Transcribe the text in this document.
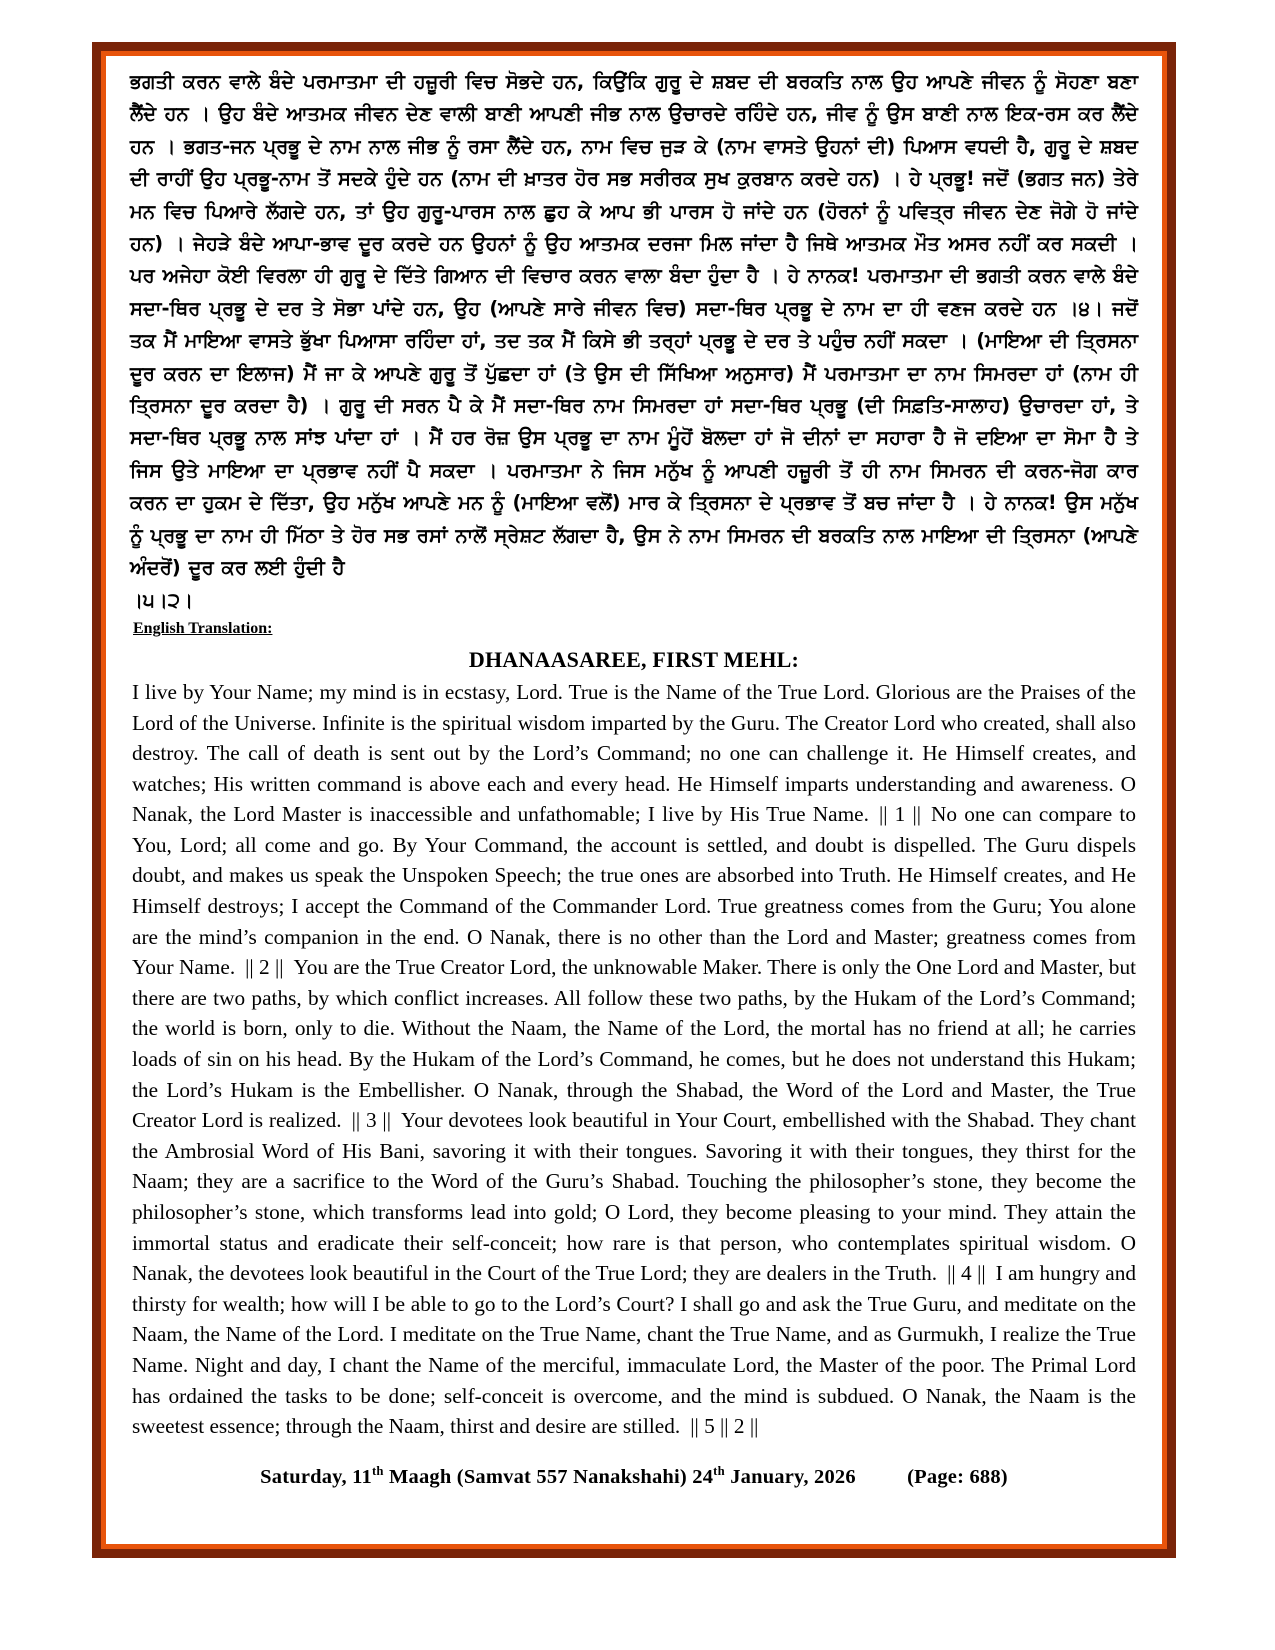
ਭਗਤੀ ਕਰਨ ਵਾਲੇ ਬੰਦੇ ਪਰਮਾਤਮਾ ਦੀ ਹਜ਼ੂਰੀ ਵਿਚ ਸੋਭਦੇ ਹਨ, ਕਿਉਂਕਿ ਗੁਰੂ ਦੇ ਸ਼ਬਦ ਦੀ ਬਰਕਤਿ ਨਾਲ ਉਹ ਆਪਣੇ ਜੀਵਨ ਨੂੰ ਸੋਹਣਾ ਬਣਾ ਲੈਂਦੇ ਹਨ । ਉਹ ਬੰਦੇ ਆਤਮਕ ਜੀਵਨ ਦੇਣ ਵਾਲੀ ਬਾਣੀ ਆਪਣੀ ਜੀਭ ਨਾਲ ਉਚਾਰਦੇ ਰਹਿੰਦੇ ਹਨ, ਜੀਵ ਨੂੰ ਉਸ ਬਾਣੀ ਨਾਲ ਇਕ-ਰਸ ਕਰ ਲੈਂਦੇ ਹਨ । ਭਗਤ-ਜਨ ਪ੍ਰਭੂ ਦੇ ਨਾਮ ਨਾਲ ਜੀਭ ਨੂੰ ਰਸਾ ਲੈਂਦੇ ਹਨ, ਨਾਮ ਵਿਚ ਜੁੜ ਕੇ (ਨਾਮ ਵਾਸਤੇ ਉਹਨਾਂ ਦੀ) ਪਿਆਸ ਵਧਦੀ ਹੈ, ਗੁਰੂ ਦੇ ਸ਼ਬਦ ਦੀ ਰਾਹੀਂ ਉਹ ਪ੍ਰਭੂ-ਨਾਮ ਤੋਂ ਸਦਕੇ ਹੁੰਦੇ ਹਨ (ਨਾਮ ਦੀ ਖ਼ਾਤਰ ਹੋਰ ਸਭ ਸਰੀਰਕ ਸੁਖ ਕੁਰਬਾਨ ਕਰਦੇ ਹਨ) । ਹੇ ਪ੍ਰਭੂ! ਜਦੋਂ (ਭਗਤ ਜਨ) ਤੇਰੇ ਮਨ ਵਿਚ ਪਿਆਰੇ ਲੱਗਦੇ ਹਨ, ਤਾਂ ਉਹ ਗੁਰੂ-ਪਾਰਸ ਨਾਲ ਛੁਹ ਕੇ ਆਪ ਭੀ ਪਾਰਸ ਹੋ ਜਾਂਦੇ ਹਨ (ਹੋਰਨਾਂ ਨੂੰ ਪਵਿਤ੍ਰ ਜੀਵਨ ਦੇਣ ਜੋਗੇ ਹੋ ਜਾਂਦੇ ਹਨ) । ਜੇਹੜੇ ਬੰਦੇ ਆਪਾ-ਭਾਵ ਦੂਰ ਕਰਦੇ ਹਨ ਉਹਨਾਂ ਨੂੰ ਉਹ ਆਤਮਕ ਦਰਜਾ ਮਿਲ ਜਾਂਦਾ ਹੈ ਜਿਥੇ ਆਤਮਕ ਮੌਤ ਅਸਰ ਨਹੀਂ ਕਰ ਸਕਦੀ । ਪਰ ਅਜੇਹਾ ਕੋਈ ਵਿਰਲਾ ਹੀ ਗੁਰੂ ਦੇ ਦਿੱਤੇ ਗਿਆਨ ਦੀ ਵਿਚਾਰ ਕਰਨ ਵਾਲਾ ਬੰਦਾ ਹੁੰਦਾ ਹੈ । ਹੇ ਨਾਨਕ! ਪਰਮਾਤਮਾ ਦੀ ਭਗਤੀ ਕਰਨ ਵਾਲੇ ਬੰਦੇ ਸਦਾ-ਥਿਰ ਪ੍ਰਭੂ ਦੇ ਦਰ ਤੇ ਸੋਭਾ ਪਾਂਦੇ ਹਨ, ਉਹ (ਆਪਣੇ ਸਾਰੇ ਜੀਵਨ ਵਿਚ) ਸਦਾ-ਥਿਰ ਪ੍ਰਭੂ ਦੇ ਨਾਮ ਦਾ ਹੀ ਵਣਜ ਕਰਦੇ ਹਨ ।੪। ਜਦੋਂ ਤਕ ਮੈਂ ਮਾਇਆ ਵਾਸਤੇ ਭੁੱਖਾ ਪਿਆਸਾ ਰਹਿੰਦਾ ਹਾਂ, ਤਦ ਤਕ ਮੈਂ ਕਿਸੇ ਭੀ ਤਰ੍ਹਾਂ ਪ੍ਰਭੂ ਦੇ ਦਰ ਤੇ ਪਹੁੰਚ ਨਹੀਂ ਸਕਦਾ । (ਮਾਇਆ ਦੀ ਤ੍ਰਿਸਨਾ ਦੂਰ ਕਰਨ ਦਾ ਇਲਾਜ) ਮੈਂ ਜਾ ਕੇ ਆਪਣੇ ਗੁਰੂ ਤੋਂ ਪੁੱਛਦਾ ਹਾਂ (ਤੇ ਉਸ ਦੀ ਸਿੱਖਿਆ ਅਨੁਸਾਰ) ਮੈਂ ਪਰਮਾਤਮਾ ਦਾ ਨਾਮ ਸਿਮਰਦਾ ਹਾਂ (ਨਾਮ ਹੀ ਤ੍ਰਿਸਨਾ ਦੂਰ ਕਰਦਾ ਹੈ) । ਗੁਰੂ ਦੀ ਸਰਨ ਪੈ ਕੇ ਮੈਂ ਸਦਾ-ਥਿਰ ਨਾਮ ਸਿਮਰਦਾ ਹਾਂ ਸਦਾ-ਥਿਰ ਪ੍ਰਭੂ (ਦੀ ਸਿਫ਼ਤਿ-ਸਾਲਾਹ) ਉਚਾਰਦਾ ਹਾਂ, ਤੇ ਸਦਾ-ਥਿਰ ਪ੍ਰਭੂ ਨਾਲ ਸਾਂਝ ਪਾਂਦਾ ਹਾਂ । ਮੈਂ ਹਰ ਰੋਜ਼ ਉਸ ਪ੍ਰਭੂ ਦਾ ਨਾਮ ਮੂੰਹੋਂ ਬੋਲਦਾ ਹਾਂ ਜੋ ਦੀਨਾਂ ਦਾ ਸਹਾਰਾ ਹੈ ਜੋ ਦਇਆ ਦਾ ਸੋਮਾ ਹੈ ਤੇ ਜਿਸ ਉਤੇ ਮਾਇਆ ਦਾ ਪ੍ਰਭਾਵ ਨਹੀਂ ਪੈ ਸਕਦਾ । ਪਰਮਾਤਮਾ ਨੇ ਜਿਸ ਮਨੁੱਖ ਨੂੰ ਆਪਣੀ ਹਜ਼ੂਰੀ ਤੋਂ ਹੀ ਨਾਮ ਸਿਮਰਨ ਦੀ ਕਰਨ-ਜੋਗ ਕਾਰ ਕਰਨ ਦਾ ਹੁਕਮ ਦੇ ਦਿੱਤਾ, ਉਹ ਮਨੁੱਖ ਆਪਣੇ ਮਨ ਨੂੰ (ਮਾਇਆ ਵਲੋਂ) ਮਾਰ ਕੇ ਤ੍ਰਿਸਨਾ ਦੇ ਪ੍ਰਭਾਵ ਤੋਂ ਬਚ ਜਾਂਦਾ ਹੈ । ਹੇ ਨਾਨਕ! ਉਸ ਮਨੁੱਖ ਨੂੰ ਪ੍ਰਭੂ ਦਾ ਨਾਮ ਹੀ ਮਿੱਠਾ ਤੇ ਹੋਰ ਸਭ ਰਸਾਂ ਨਾਲੋਂ ਸ੍ਰੇਸ਼ਟ ਲੱਗਦਾ ਹੈ, ਉਸ ਨੇ ਨਾਮ ਸਿਮਰਨ ਦੀ ਬਰਕਤਿ ਨਾਲ ਮਾਇਆ ਦੀ ਤ੍ਰਿਸਨਾ (ਆਪਣੇ ਅੰਦਰੋਂ) ਦੂਰ ਕਰ ਲਈ ਹੁੰਦੀ ਹੈ
।੫।੨।

English Translation:
DHANAASAREE, FIRST MEHL:

I live by Your Name; my mind is in ecstasy, Lord. True is the Name of the True Lord. Glorious are the Praises of the Lord of the Universe. Infinite is the spiritual wisdom imparted by the Guru. The Creator Lord who created, shall also destroy. The call of death is sent out by the Lord’s Command; no one can challenge it. He Himself creates, and watches; His written command is above each and every head. He Himself imparts understanding and awareness. O Nanak, the Lord Master is inaccessible and unfathomable; I live by His True Name. || 1 || No one can compare to You, Lord; all come and go. By Your Command, the account is settled, and doubt is dispelled. The Guru dispels doubt, and makes us speak the Unspoken Speech; the true ones are absorbed into Truth. He Himself creates, and He Himself destroys; I accept the Command of the Commander Lord. True greatness comes from the Guru; You alone are the mind’s companion in the end. O Nanak, there is no other than the Lord and Master; greatness comes from Your Name. || 2 || You are the True Creator Lord, the unknowable Maker. There is only the One Lord and Master, but there are two paths, by which conflict increases. All follow these two paths, by the Hukam of the Lord’s Command; the world is born, only to die. Without the Naam, the Name of the Lord, the mortal has no friend at all; he carries loads of sin on his head. By the Hukam of the Lord’s Command, he comes, but he does not understand this Hukam; the Lord’s Hukam is the Embellisher. O Nanak, through the Shabad, the Word of the Lord and Master, the True Creator Lord is realized. || 3 || Your devotees look beautiful in Your Court, embellished with the Shabad. They chant the Ambrosial Word of His Bani, savoring it with their tongues. Savoring it with their tongues, they thirst for the Naam; they are a sacrifice to the Word of the Guru’s Shabad. Touching the philosopher’s stone, they become the philosopher’s stone, which transforms lead into gold; O Lord, they become pleasing to your mind. They attain the immortal status and eradicate their self-conceit; how rare is that person, who contemplates spiritual wisdom. O Nanak, the devotees look beautiful in the Court of the True Lord; they are dealers in the Truth. || 4 || I am hungry and thirsty for wealth; how will I be able to go to the Lord’s Court? I shall go and ask the True Guru, and meditate on the Naam, the Name of the Lord. I meditate on the True Name, chant the True Name, and as Gurmukh, I realize the True Name. Night and day, I chant the Name of the merciful, immaculate Lord, the Master of the poor. The Primal Lord has ordained the tasks to be done; self-conceit is overcome, and the mind is subdued. O Nanak, the Naam is the sweetest essence; through the Naam, thirst and desire are stilled. || 5 || 2 ||

Saturday, 11th Maagh (Samvat 557 Nanakshahi) 24th January, 2026	(Page: 688)
